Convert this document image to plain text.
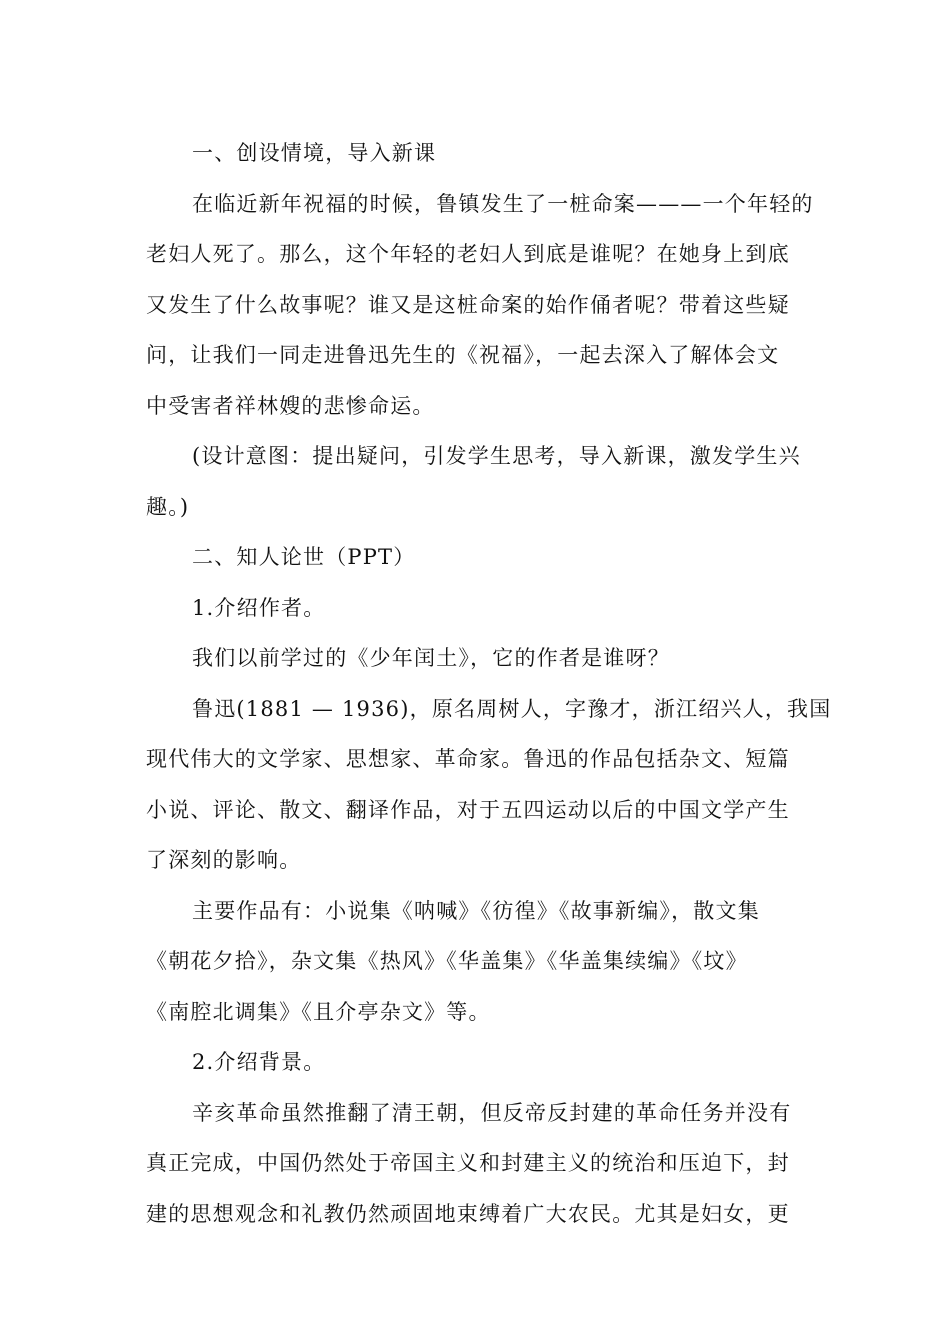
一、创设情境，导入新课
在临近新年祝福的时候，鲁镇发生了一桩命案———一个年轻的
老妇人死了。那么，这个年轻的老妇人到底是谁呢？在她身上到底
又发生了什么故事呢？谁又是这桩命案的始作俑者呢？带着这些疑
问，让我们一同走进鲁迅先生的《祝福》，一起去深入了解体会文
中受害者祥林嫂的悲惨命运。
(设计意图：提出疑问，引发学生思考，导入新课，激发学生兴
趣。)
二、知人论世（PPT）
1.介绍作者。
我们以前学过的《少年闰土》，它的作者是谁呀？
鲁迅(1881 — 1936)，原名周树人，字豫才，浙江绍兴人，我国
现代伟大的文学家、思想家、革命家。鲁迅的作品包括杂文、短篇
小说、评论、散文、翻译作品，对于五四运动以后的中国文学产生
了深刻的影响。
主要作品有：小说集《呐喊》《彷徨》《故事新编》，散文集
《朝花夕拾》，杂文集《热风》《华盖集》《华盖集续编》《坟》
《南腔北调集》《且介亭杂文》等。
2.介绍背景。
辛亥革命虽然推翻了清王朝，但反帝反封建的革命任务并没有
真正完成，中国仍然处于帝国主义和封建主义的统治和压迫下，封
建的思想观念和礼教仍然顽固地束缚着广大农民。尤其是妇女，更
